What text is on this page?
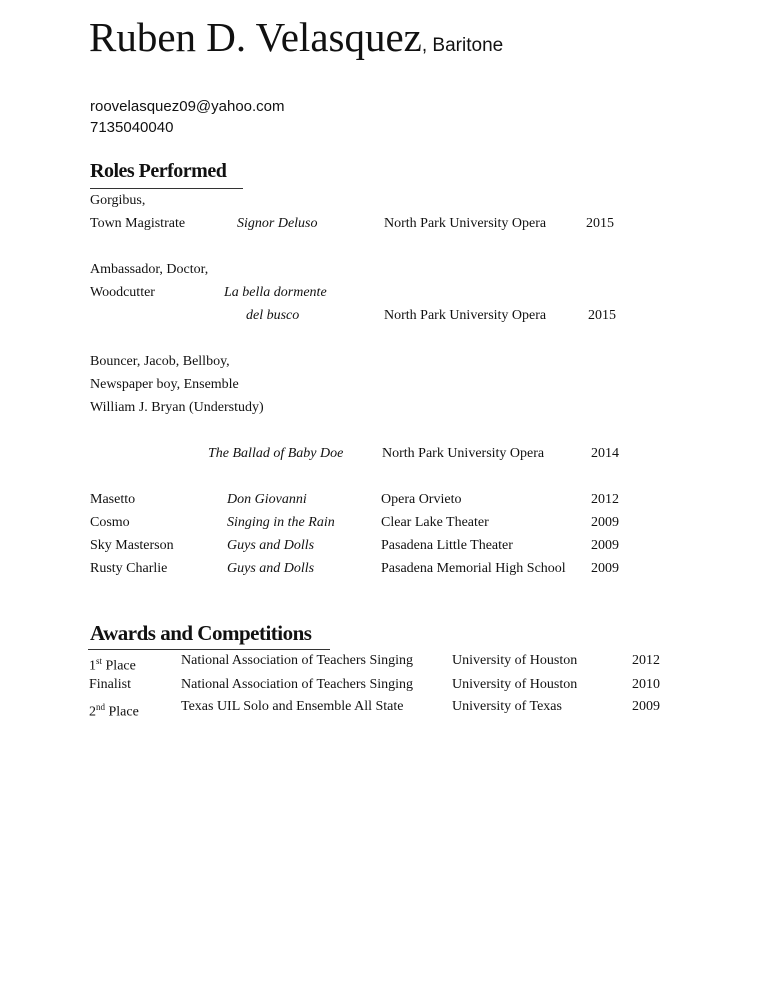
Ruben D. Velasquez, Baritone
roovelasquez09@yahoo.com
7135040040
Roles Performed
Gorgibus,
Town Magistrate	Signor Deluso	North Park University Opera	2015
Ambassador, Doctor,
Woodcutter	La bella dormente
del busco	North Park University Opera	2015
Bouncer, Jacob, Bellboy,
Newspaper boy, Ensemble
William J. Bryan (Understudy)
The Ballad of Baby Doe	North Park University Opera	2014
Masetto	Don Giovanni	Opera Orvieto	2012
Cosmo	Singing in the Rain	Clear Lake Theater	2009
Sky Masterson	Guys and Dolls	Pasadena Little Theater	2009
Rusty Charlie	Guys and Dolls	Pasadena Memorial High School 2009
Awards and Competitions
1st Place	National Association of Teachers Singing	University of Houston	2012
Finalist	National Association of Teachers Singing	University of Houston	2010
2nd Place	Texas UIL Solo and Ensemble All State	University of Texas	2009
